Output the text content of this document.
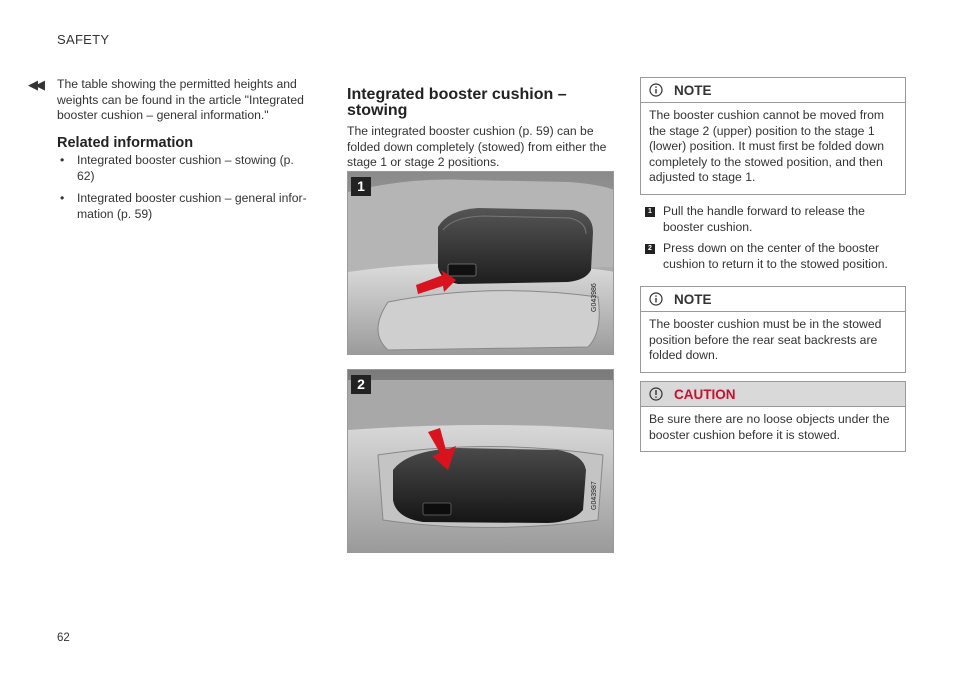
SAFETY
◀◀ The table showing the permitted heights and weights can be found in the article "Integrated booster cushion – general information."
Related information
• Integrated booster cushion – stowing (p. 62)
• Integrated booster cushion – general infor-mation (p. 59)
Integrated booster cushion – stowing
The integrated booster cushion (p. 59) can be folded down completely (stowed) from either the stage 1 or stage 2 positions.
1
G043986
2
G043987
NOTE
The booster cushion cannot be moved from the stage 2 (upper) position to the stage 1 (lower) position. It must first be folded down completely to the stowed position, and then adjusted to stage 1.
1 Pull the handle forward to release the booster cushion.
2 Press down on the center of the booster cushion to return it to the stowed position.
NOTE
The booster cushion must be in the stowed position before the rear seat backrests are folded down.
CAUTION
Be sure there are no loose objects under the booster cushion before it is stowed.
62
